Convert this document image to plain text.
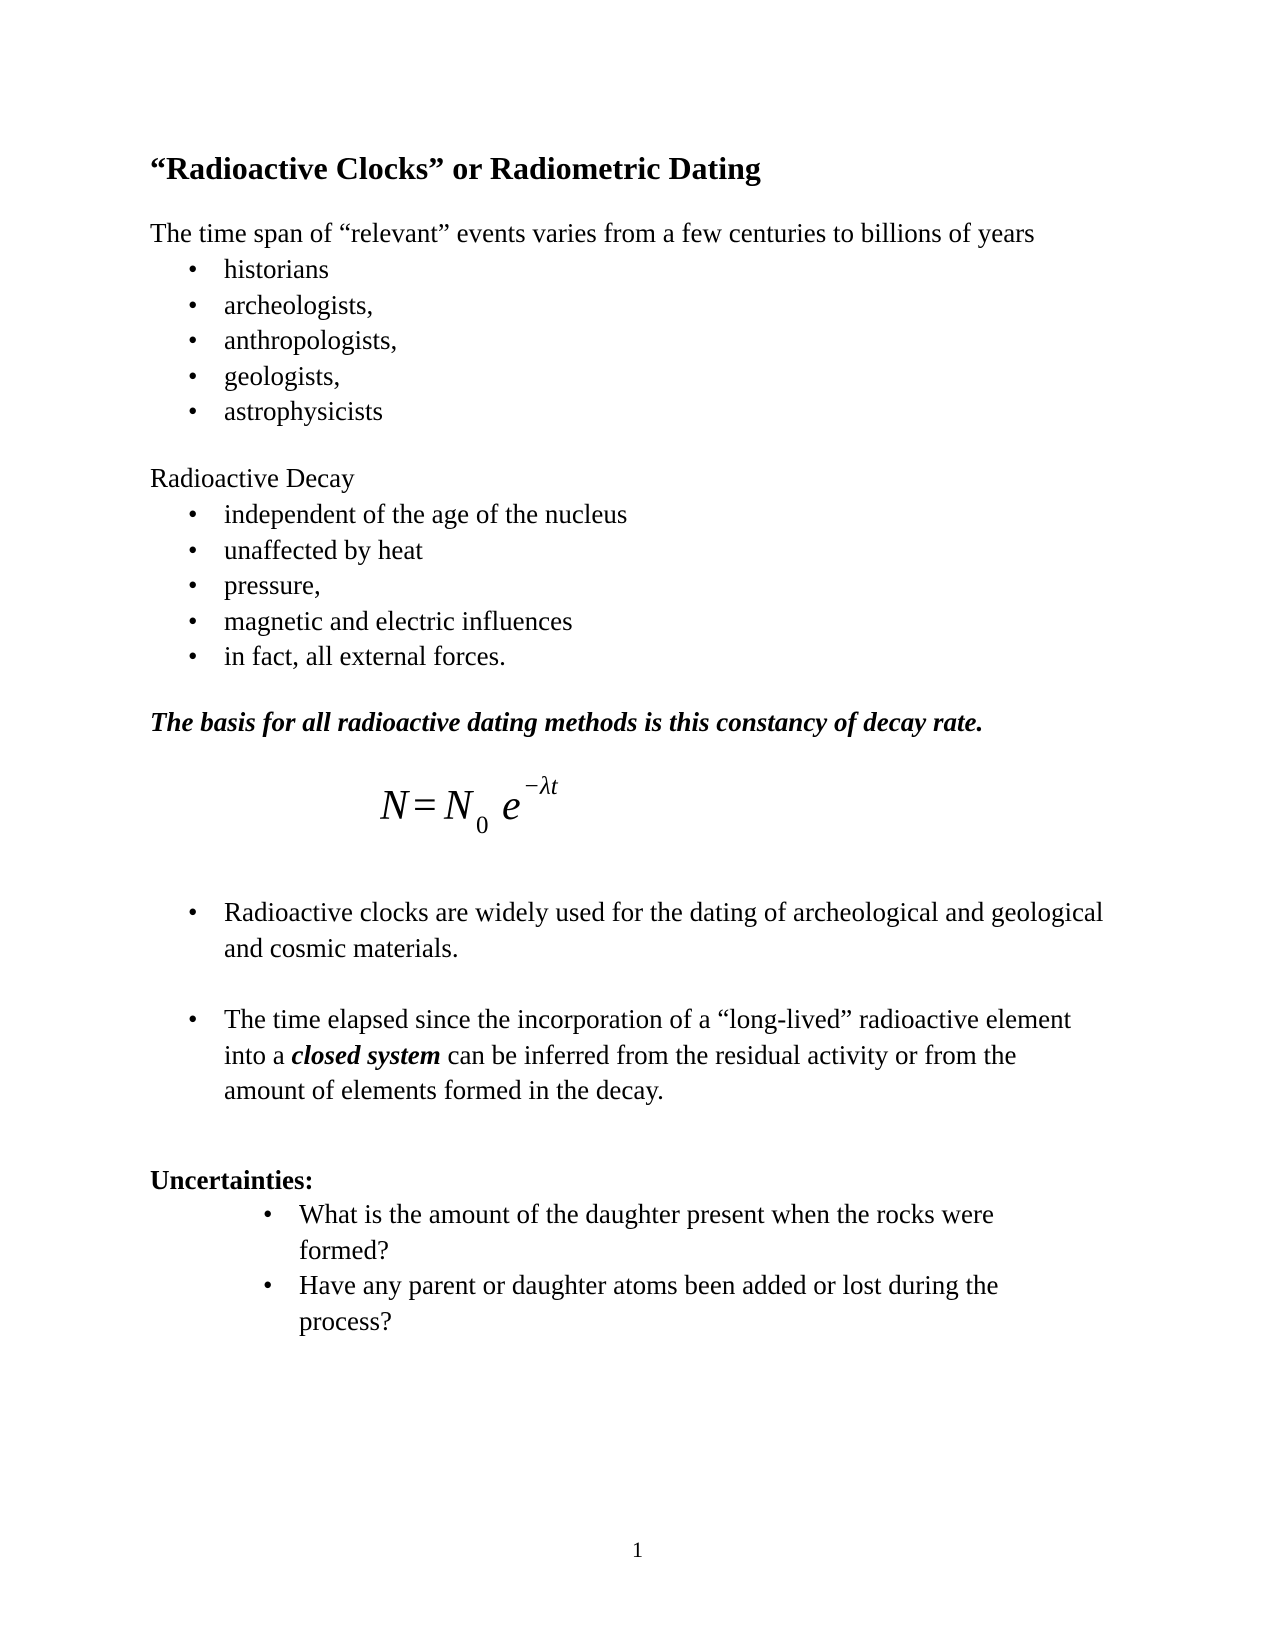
“Radioactive Clocks” or Radiometric Dating

The time span of “relevant” events varies from a few centuries to billions of years

• historians
• archeologists,
• anthropologists,
• geologists,
• astrophysicists

Radioactive Decay

• independent of the age of the nucleus
• unaffected by heat
• pressure,
• magnetic and electric influences
• in fact, all external forces.

The basis for all radioactive dating methods is this constancy of decay rate.

N = N 0 e −λt
• Radioactive clocks are widely used for the dating of archeological and geological and cosmic materials.
• The time elapsed since the incorporation of a “long-lived” radioactive element into a closed system can be inferred from the residual activity or from the amount of elements formed in the decay.

Uncertainties:

• What is the amount of the daughter present when the rocks were formed?
• Have any parent or daughter atoms been added or lost during the process?
1
